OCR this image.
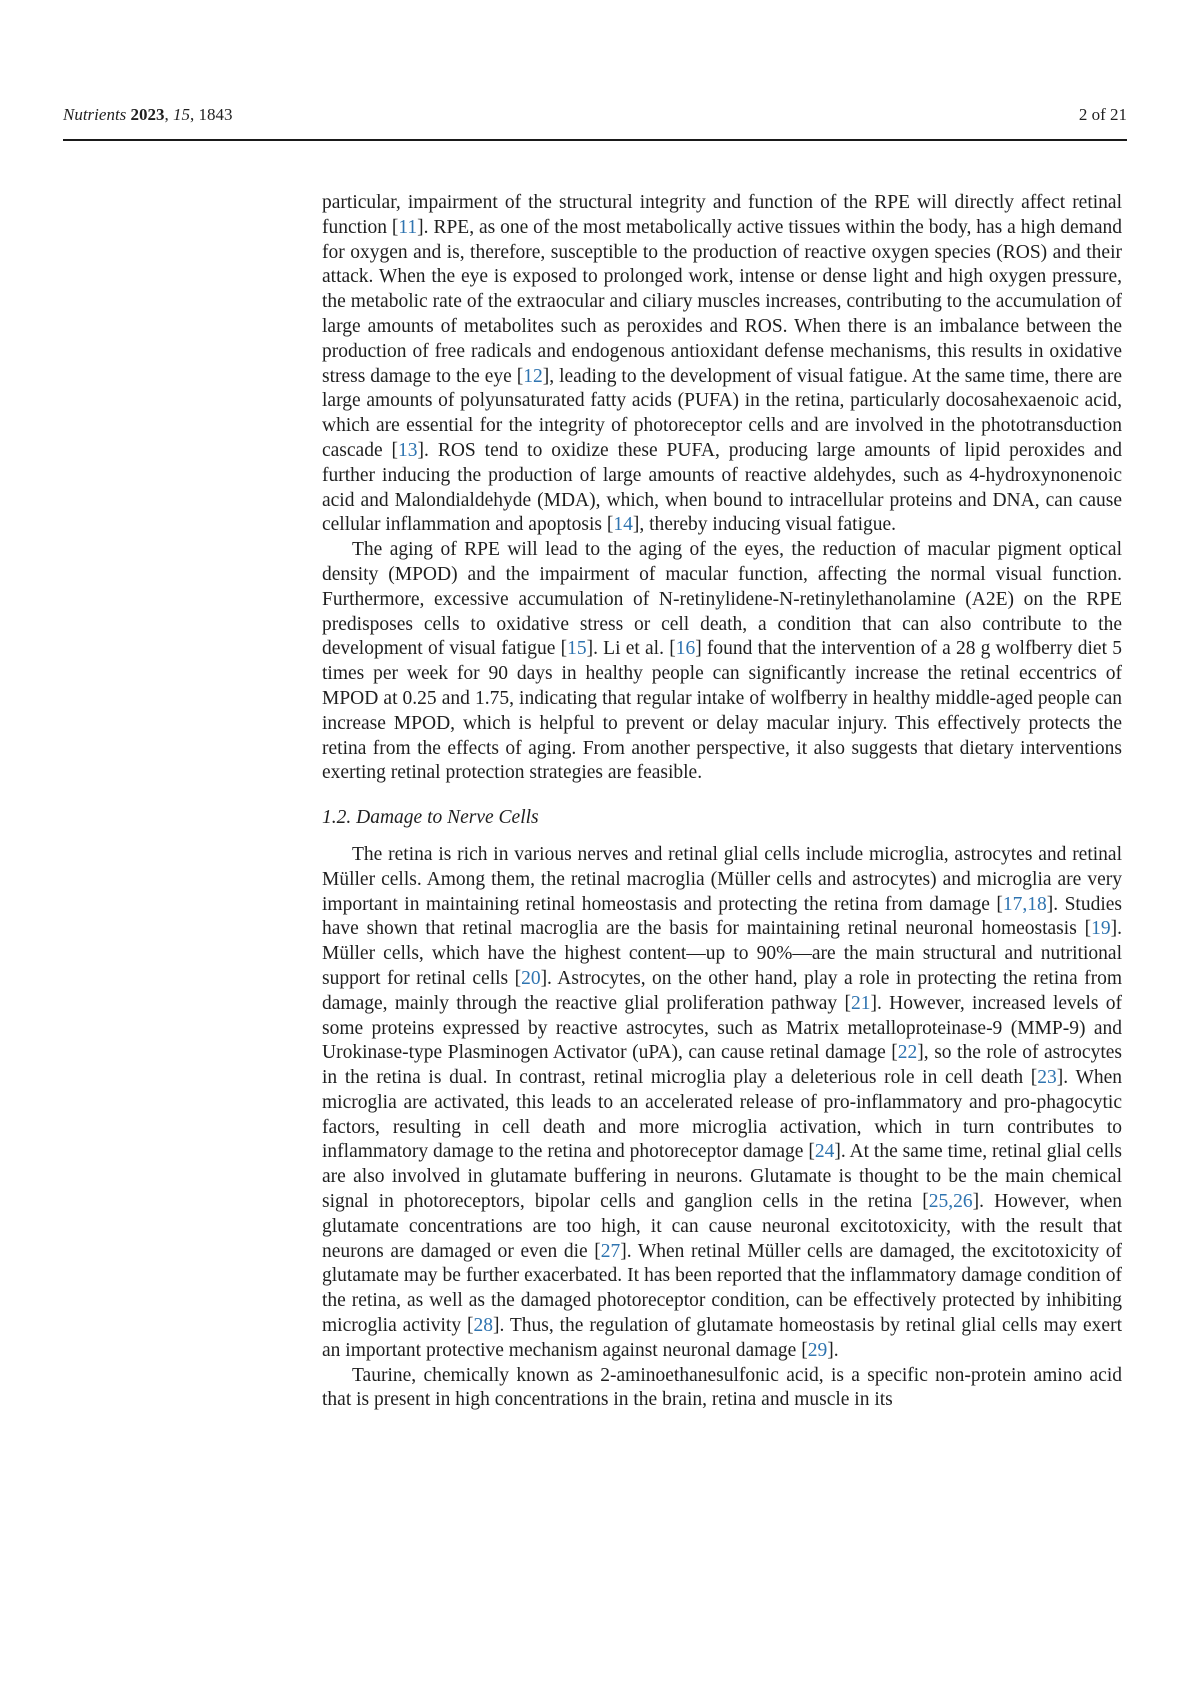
Nutrients 2023, 15, 1843	2 of 21

particular, impairment of the structural integrity and function of the RPE will directly affect retinal function [11]. RPE, as one of the most metabolically active tissues within the body, has a high demand for oxygen and is, therefore, susceptible to the production of reactive oxygen species (ROS) and their attack. When the eye is exposed to prolonged work, intense or dense light and high oxygen pressure, the metabolic rate of the extraocular and ciliary muscles increases, contributing to the accumulation of large amounts of metabolites such as peroxides and ROS. When there is an imbalance between the production of free radicals and endogenous antioxidant defense mechanisms, this results in oxidative stress damage to the eye [12], leading to the development of visual fatigue. At the same time, there are large amounts of polyunsaturated fatty acids (PUFA) in the retina, particularly docosahexaenoic acid, which are essential for the integrity of photoreceptor cells and are involved in the phototransduction cascade [13]. ROS tend to oxidize these PUFA, producing large amounts of lipid peroxides and further inducing the production of large amounts of reactive aldehydes, such as 4-hydroxynonenoic acid and Malondialdehyde (MDA), which, when bound to intracellular proteins and DNA, can cause cellular inflammation and apoptosis [14], thereby inducing visual fatigue.

The aging of RPE will lead to the aging of the eyes, the reduction of macular pigment optical density (MPOD) and the impairment of macular function, affecting the normal visual function. Furthermore, excessive accumulation of N-retinylidene-N-retinylethanolamine (A2E) on the RPE predisposes cells to oxidative stress or cell death, a condition that can also contribute to the development of visual fatigue [15]. Li et al. [16] found that the intervention of a 28 g wolfberry diet 5 times per week for 90 days in healthy people can significantly increase the retinal eccentrics of MPOD at 0.25 and 1.75, indicating that regular intake of wolfberry in healthy middle-aged people can increase MPOD, which is helpful to prevent or delay macular injury. This effectively protects the retina from the effects of aging. From another perspective, it also suggests that dietary interventions exerting retinal protection strategies are feasible.

1.2. Damage to Nerve Cells

The retina is rich in various nerves and retinal glial cells include microglia, astrocytes and retinal Müller cells. Among them, the retinal macroglia (Müller cells and astrocytes) and microglia are very important in maintaining retinal homeostasis and protecting the retina from damage [17,18]. Studies have shown that retinal macroglia are the basis for maintaining retinal neuronal homeostasis [19]. Müller cells, which have the highest content—up to 90%—are the main structural and nutritional support for retinal cells [20]. Astrocytes, on the other hand, play a role in protecting the retina from damage, mainly through the reactive glial proliferation pathway [21]. However, increased levels of some proteins expressed by reactive astrocytes, such as Matrix metalloproteinase-9 (MMP-9) and Urokinase-type Plasminogen Activator (uPA), can cause retinal damage [22], so the role of astrocytes in the retina is dual. In contrast, retinal microglia play a deleterious role in cell death [23]. When microglia are activated, this leads to an accelerated release of pro-inflammatory and pro-phagocytic factors, resulting in cell death and more microglia activation, which in turn contributes to inflammatory damage to the retina and photoreceptor damage [24]. At the same time, retinal glial cells are also involved in glutamate buffering in neurons. Glutamate is thought to be the main chemical signal in photoreceptors, bipolar cells and ganglion cells in the retina [25,26]. However, when glutamate concentrations are too high, it can cause neuronal excitotoxicity, with the result that neurons are damaged or even die [27]. When retinal Müller cells are damaged, the excitotoxicity of glutamate may be further exacerbated. It has been reported that the inflammatory damage condition of the retina, as well as the damaged photoreceptor condition, can be effectively protected by inhibiting microglia activity [28]. Thus, the regulation of glutamate homeostasis by retinal glial cells may exert an important protective mechanism against neuronal damage [29].

Taurine, chemically known as 2-aminoethanesulfonic acid, is a specific non-protein amino acid that is present in high concentrations in the brain, retina and muscle in its
